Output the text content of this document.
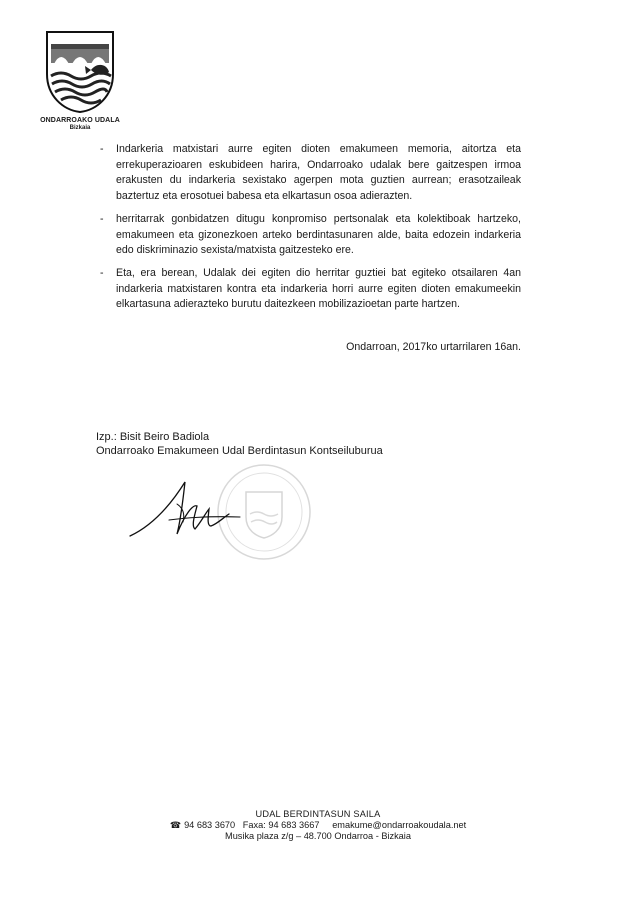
ONDARROAKO UDALA
Bizkaia
- Indarkeria matxistari aurre egiten dioten emakumeen memoria, aitortza eta errekuperazioaren eskubideen harira, Ondarroako udalak bere gaitzespen irmoa erakusten du indarkeria sexistako agerpen mota guztien aurrean; erasotzaileak baztertuz eta erosotuei babesa eta elkartasun osoa adierazten.
- herritarrak gonbidatzen ditugu konpromiso pertsonalak eta kolektiboak hartzeko, emakumeen eta gizonezkoen arteko berdintasunaren alde, baita edozein indarkeria edo diskriminazio sexista/matxista gaitzesteko ere.
- Eta, era berean, Udalak dei egiten dio herritar guztiei bat egiteko otsailaren 4an indarkeria matxistaren kontra eta indarkeria horri aurre egiten dioten emakumeekin elkartasuna adierazteko burutu daitezkeen mobilizazioetan parte hartzen.
Ondarroan, 2017ko urtarrilaren 16an.
Izp.: Bisit Beiro Badiola
Ondarroako Emakumeen Udal Berdintasun Kontseiluburua
UDAL BERDINTASUN SAILA
☎ 94 683 3670   Faxa: 94 683 3667     emakume@ondarroakoudala.net
Musika plaza z/g – 48.700 Ondarroa - Bizkaia
